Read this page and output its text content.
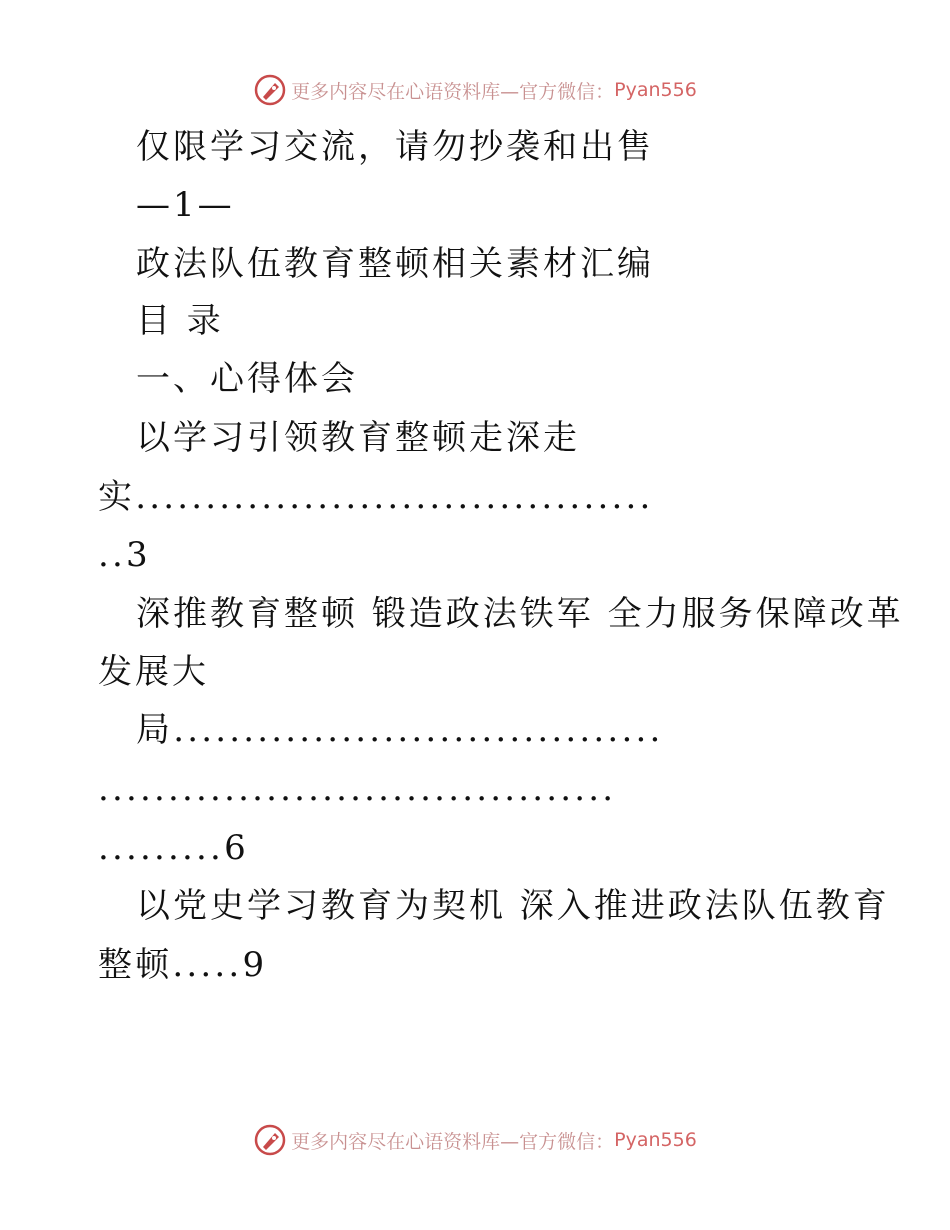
更多内容尽在心语资料库—官方微信： Pyan556
仅限学习交流，请勿抄袭和出售
—1—
政法队伍教育整顿相关素材汇编
目 录
一、心得体会
以学习引领教育整顿走深走
实.....................................
..3
深推教育整顿 锻造政法铁军 全力服务保障改革
发展大
局...................................
.....................................
.........6
以党史学习教育为契机 深入推进政法队伍教育
整顿.....9
更多内容尽在心语资料库—官方微信： Pyan556
